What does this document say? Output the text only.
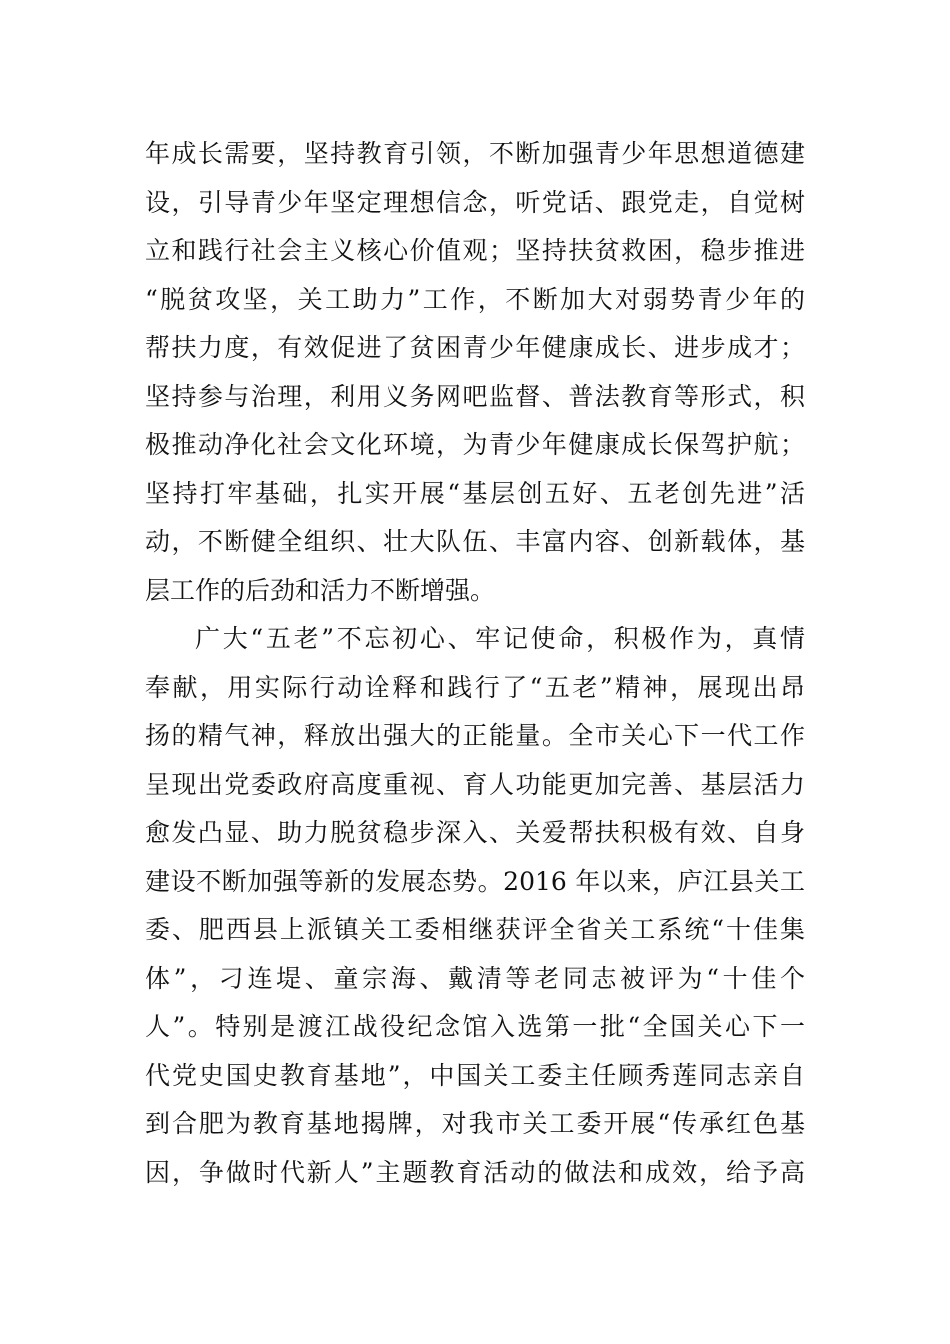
年成长需要，坚持教育引领，不断加强青少年思想道德建
设，引导青少年坚定理想信念，听党话、跟党走，自觉树
立和践行社会主义核心价值观；坚持扶贫救困，稳步推进
“脱贫攻坚，关工助力”工作，不断加大对弱势青少年的
帮扶力度，有效促进了贫困青少年健康成长、进步成才；
坚持参与治理，利用义务网吧监督、普法教育等形式，积
极推动净化社会文化环境，为青少年健康成长保驾护航；
坚持打牢基础，扎实开展“基层创五好、五老创先进”活
动，不断健全组织、壮大队伍、丰富内容、创新载体，基
层工作的后劲和活力不断增强。
广大“五老”不忘初心、牢记使命，积极作为，真情
奉献，用实际行动诠释和践行了“五老”精神，展现出昂
扬的精气神，释放出强大的正能量。全市关心下一代工作
呈现出党委政府高度重视、育人功能更加完善、基层活力
愈发凸显、助力脱贫稳步深入、关爱帮扶积极有效、自身
建设不断加强等新的发展态势。2016 年以来，庐江县关工
委、肥西县上派镇关工委相继获评全省关工系统“十佳集
体”，刁连堤、童宗海、戴清等老同志被评为“十佳个
人”。特别是渡江战役纪念馆入选第一批“全国关心下一
代党史国史教育基地”，中国关工委主任顾秀莲同志亲自
到合肥为教育基地揭牌，对我市关工委开展“传承红色基
因，争做时代新人”主题教育活动的做法和成效，给予高
